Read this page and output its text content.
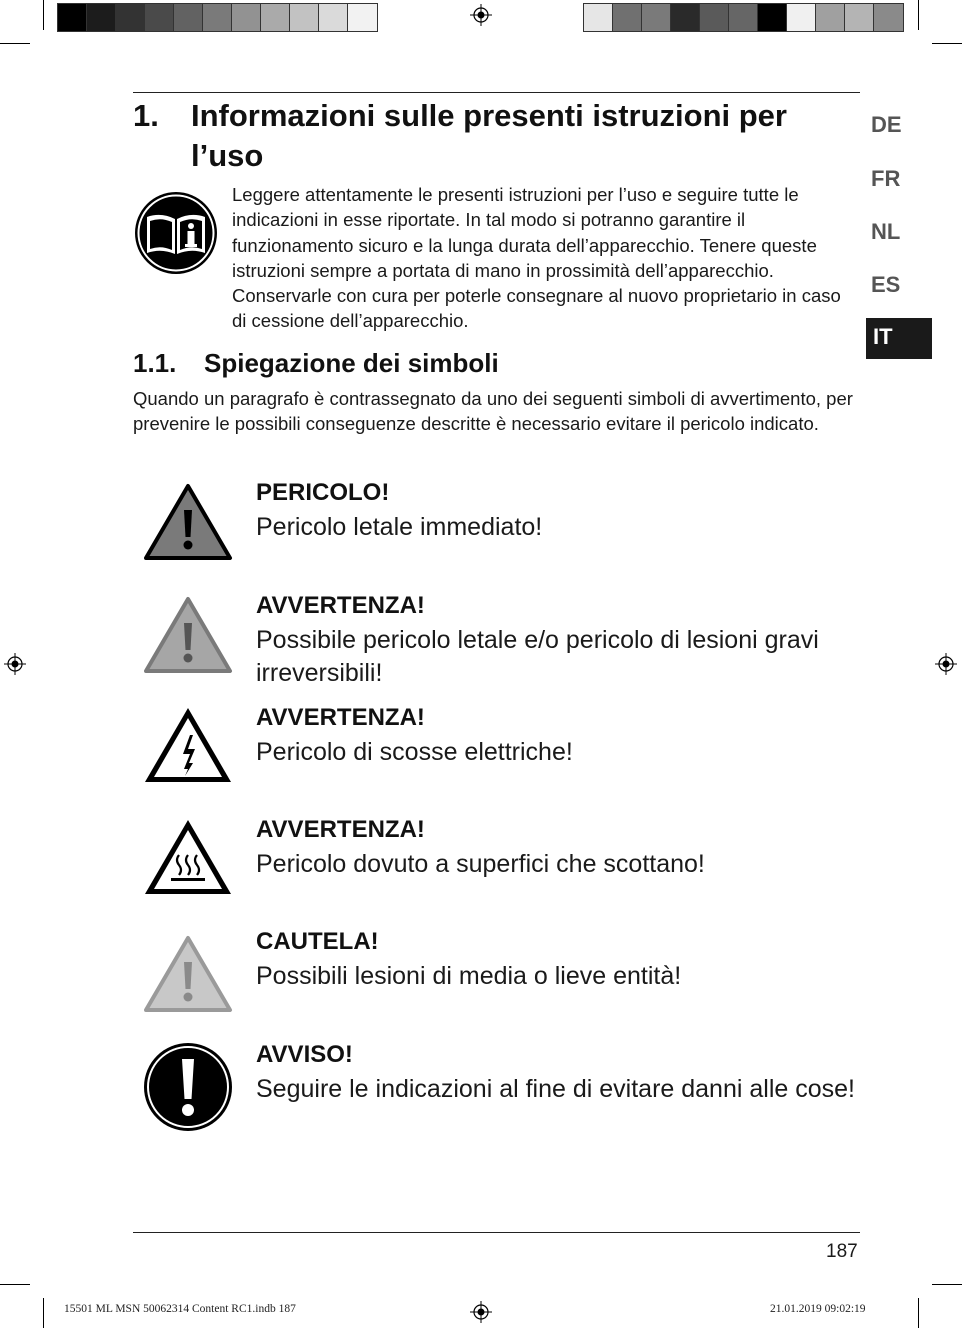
1. Informazioni sulle presenti istruzioni per l’uso
Leggere attentamente le presenti istruzioni per l’uso e seguire tutte le indicazioni in esse riportate. In tal modo si potranno garantire il funzionamento sicuro e la lunga durata dell’apparecchio. Tenere queste istruzioni sempre a portata di mano in prossimità dell’apparecchio. Conservarle con cura per poterle consegnare al nuovo proprietario in caso di cessione dell’apparecchio.
1.1. Spiegazione dei simboli
Quando un paragrafo è contrassegnato da uno dei seguenti simboli di avvertimento, per prevenire le possibili conseguenze descritte è necessario evitare il pericolo indicato.
PERICOLO!
Pericolo letale immediato!
AVVERTENZA!
Possibile pericolo letale e/o pericolo di lesioni gravi irreversibili!
AVVERTENZA!
Pericolo di scosse elettriche!
AVVERTENZA!
Pericolo dovuto a superfici che scottano!
CAUTELA!
Possibili lesioni di media o lieve entità!
AVVISO!
Seguire le indicazioni al fine di evitare danni alle cose!
DE
FR
NL
ES
IT
187
15501 ML MSN 50062314 Content RC1.indb 187	21.01.2019 09:02:19
